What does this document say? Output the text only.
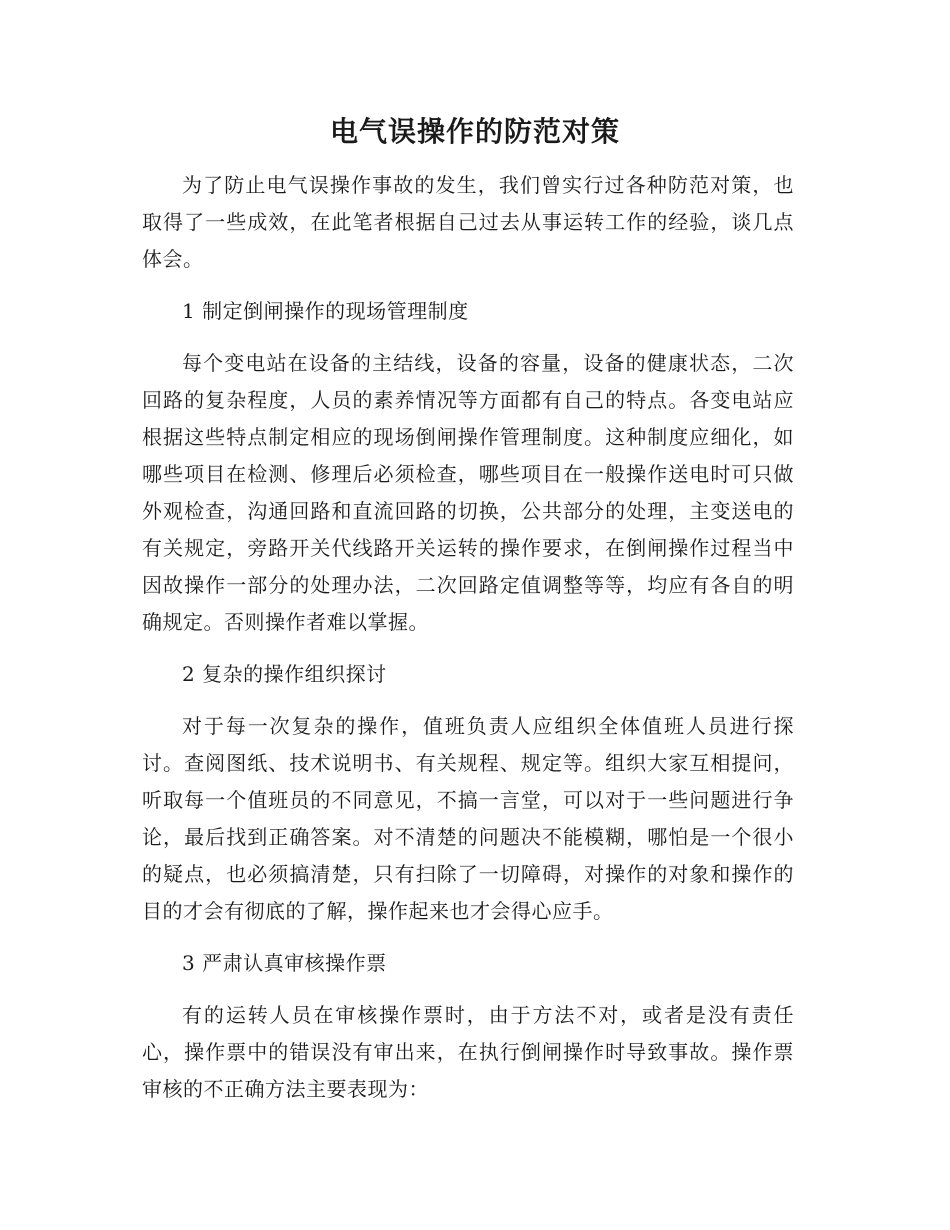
电气误操作的防范对策

为了防止电气误操作事故的发生，我们曾实行过各种防范对策，也取得了一些成效，在此笔者根据自己过去从事运转工作的经验，谈几点体会。

1 制定倒闸操作的现场管理制度

每个变电站在设备的主结线，设备的容量，设备的健康状态，二次回路的复杂程度，人员的素养情况等方面都有自己的特点。各变电站应根据这些特点制定相应的现场倒闸操作管理制度。这种制度应细化，如哪些项目在检测、修理后必须检查，哪些项目在一般操作送电时可只做外观检查，沟通回路和直流回路的切换，公共部分的处理，主变送电的有关规定，旁路开关代线路开关运转的操作要求，在倒闸操作过程当中因故操作一部分的处理办法，二次回路定值调整等等，均应有各自的明确规定。否则操作者难以掌握。

2 复杂的操作组织探讨

对于每一次复杂的操作，值班负责人应组织全体值班人员进行探讨。查阅图纸、技术说明书、有关规程、规定等。组织大家互相提问，听取每一个值班员的不同意见，不搞一言堂，可以对于一些问题进行争论，最后找到正确答案。对不清楚的问题决不能模糊，哪怕是一个很小的疑点，也必须搞清楚，只有扫除了一切障碍，对操作的对象和操作的目的才会有彻底的了解，操作起来也才会得心应手。

3 严肃认真审核操作票

有的运转人员在审核操作票时，由于方法不对，或者是没有责任心，操作票中的错误没有审出来，在执行倒闸操作时导致事故。操作票审核的不正确方法主要表现为：
